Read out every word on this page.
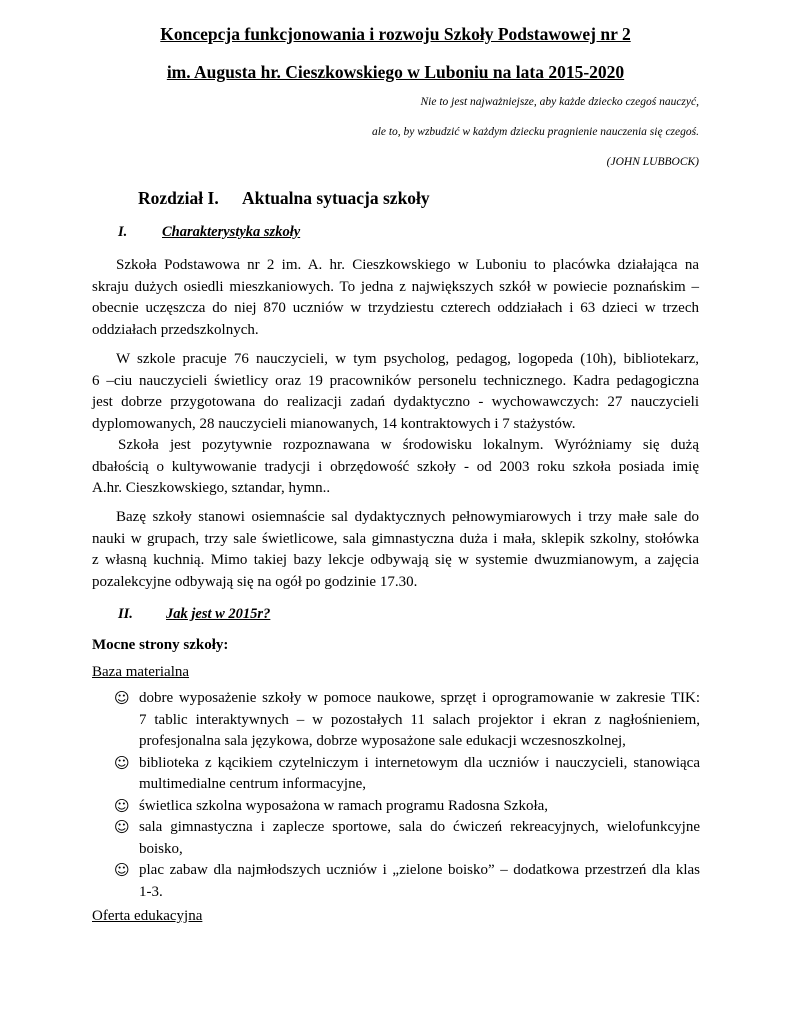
Koncepcja funkcjonowania i rozwoju Szkoły Podstawowej nr 2
im. Augusta hr. Cieszkowskiego w Luboniu na lata 2015-2020
Nie to jest najważniejsze, aby każde dziecko czegoś nauczyć,
ale to, by wzbudzić w każdym dziecku pragnienie nauczenia się czegoś.
(JOHN LUBBOCK)
Rozdział I. Aktualna sytuacja szkoły
I. Charakterystyka szkoły
Szkoła Podstawowa nr 2 im. A. hr. Cieszkowskiego w Luboniu to placówka działająca na
skraju dużych osiedli mieszkaniowych. To jedna z największych szkół w powiecie poznańskim –
obecnie uczęszcza do niej 870 uczniów w trzydziestu czterech oddziałach i 63 dzieci w trzech
oddziałach przedszkolnych.
W szkole pracuje 76 nauczycieli, w tym psycholog, pedagog, logopeda (10h), bibliotekarz,
6 –ciu nauczycieli świetlicy oraz 19 pracowników personelu technicznego. Kadra pedagogiczna
jest dobrze przygotowana do realizacji zadań dydaktyczno - wychowawczych: 27 nauczycieli
dyplomowanych, 28 nauczycieli mianowanych, 14 kontraktowych i 7 stażystów.
Szkoła jest pozytywnie rozpoznawana w środowisku lokalnym. Wyróżniamy się dużą
dbałością o kultywowanie tradycji i obrzędowość szkoły - od 2003 roku szkoła posiada imię
A.hr. Cieszkowskiego, sztandar, hymn..
Bazę szkoły stanowi osiemnaście sal dydaktycznych pełnowymiarowych i trzy małe sale do
nauki w grupach, trzy sale świetlicowe, sala gimnastyczna duża i mała, sklepik szkolny, stołówka
z własną kuchnią. Mimo takiej bazy lekcje odbywają się w systemie dwuzmianowym, a zajęcia
pozalekcyjne odbywają się na ogół po godzinie 17.30.
II. Jak jest w 2015r?
Mocne strony szkoły:
Baza materialna
☺ dobre wyposażenie szkoły w pomoce naukowe, sprzęt i oprogramowanie w zakresie TIK:
7 tablic interaktywnych – w pozostałych 11 salach projektor i ekran z nagłośnieniem,
profesjonalna sala językowa, dobrze wyposażone sale edukacji wczesnoszkolnej,
☺ biblioteka z kącikiem czytelniczym i internetowym dla uczniów i nauczycieli, stanowiąca
multimedialne centrum informacyjne,
☺ świetlica szkolna wyposażona w ramach programu Radosna Szkoła,
☺ sala gimnastyczna i zaplecze sportowe, sala do ćwiczeń rekreacyjnych, wielofunkcyjne
boisko,
☺ plac zabaw dla najmłodszych uczniów i „zielone boisko” – dodatkowa przestrzeń dla klas
1-3.
Oferta edukacyjna
